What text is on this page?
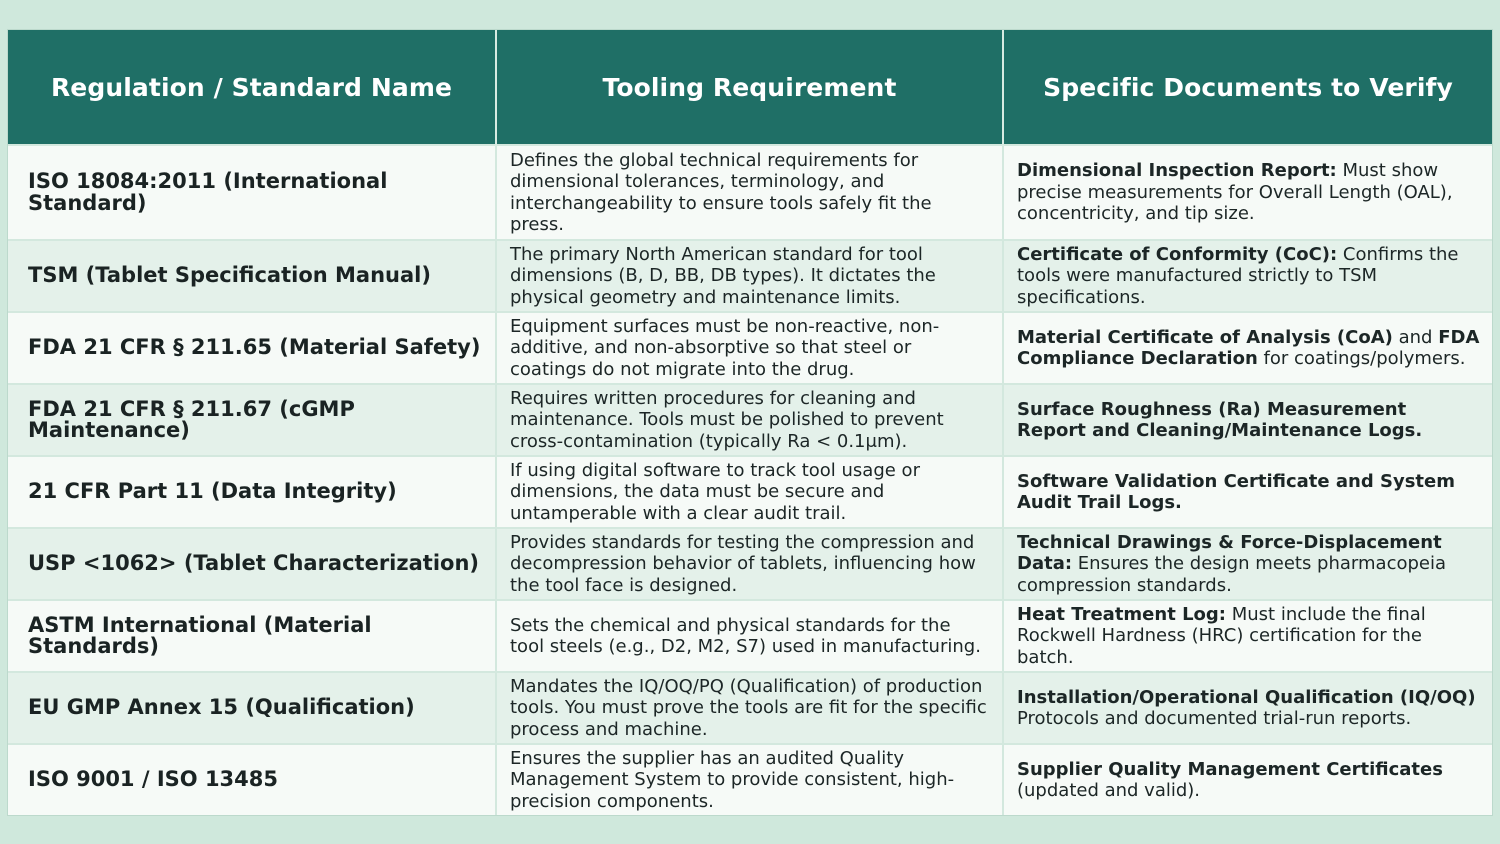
Regulation / Standard Name	Tooling Requirement	Specific Documents to Verify
ISO 18084:2011 (International Standard)	Defines the global technical requirements for dimensional tolerances, terminology, and interchangeability to ensure tools safely fit the press.	Dimensional Inspection Report: Must show precise measurements for Overall Length (OAL), concentricity, and tip size.
TSM (Tablet Specification Manual)	The primary North American standard for tool dimensions (B, D, BB, DB types). It dictates the physical geometry and maintenance limits.	Certificate of Conformity (CoC): Confirms the tools were manufactured strictly to TSM specifications.
FDA 21 CFR § 211.65 (Material Safety)	Equipment surfaces must be non-reactive, non-additive, and non-absorptive so that steel or coatings do not migrate into the drug.	Material Certificate of Analysis (CoA) and FDA Compliance Declaration for coatings/polymers.
FDA 21 CFR § 211.67 (cGMP Maintenance)	Requires written procedures for cleaning and maintenance. Tools must be polished to prevent cross-contamination (typically Ra < 0.1μm).	Surface Roughness (Ra) Measurement Report and Cleaning/Maintenance Logs.
21 CFR Part 11 (Data Integrity)	If using digital software to track tool usage or dimensions, the data must be secure and untamperable with a clear audit trail.	Software Validation Certificate and System Audit Trail Logs.
USP <1062> (Tablet Characterization)	Provides standards for testing the compression and decompression behavior of tablets, influencing how the tool face is designed.	Technical Drawings & Force-Displacement Data: Ensures the design meets pharmacopeia compression standards.
ASTM International (Material Standards)	Sets the chemical and physical standards for the tool steels (e.g., D2, M2, S7) used in manufacturing.	Heat Treatment Log: Must include the final Rockwell Hardness (HRC) certification for the batch.
EU GMP Annex 15 (Qualification)	Mandates the IQ/OQ/PQ (Qualification) of production tools. You must prove the tools are fit for the specific process and machine.	Installation/Operational Qualification (IQ/OQ) Protocols and documented trial-run reports.
ISO 9001 / ISO 13485	Ensures the supplier has an audited Quality Management System to provide consistent, high-precision components.	Supplier Quality Management Certificates (updated and valid).
